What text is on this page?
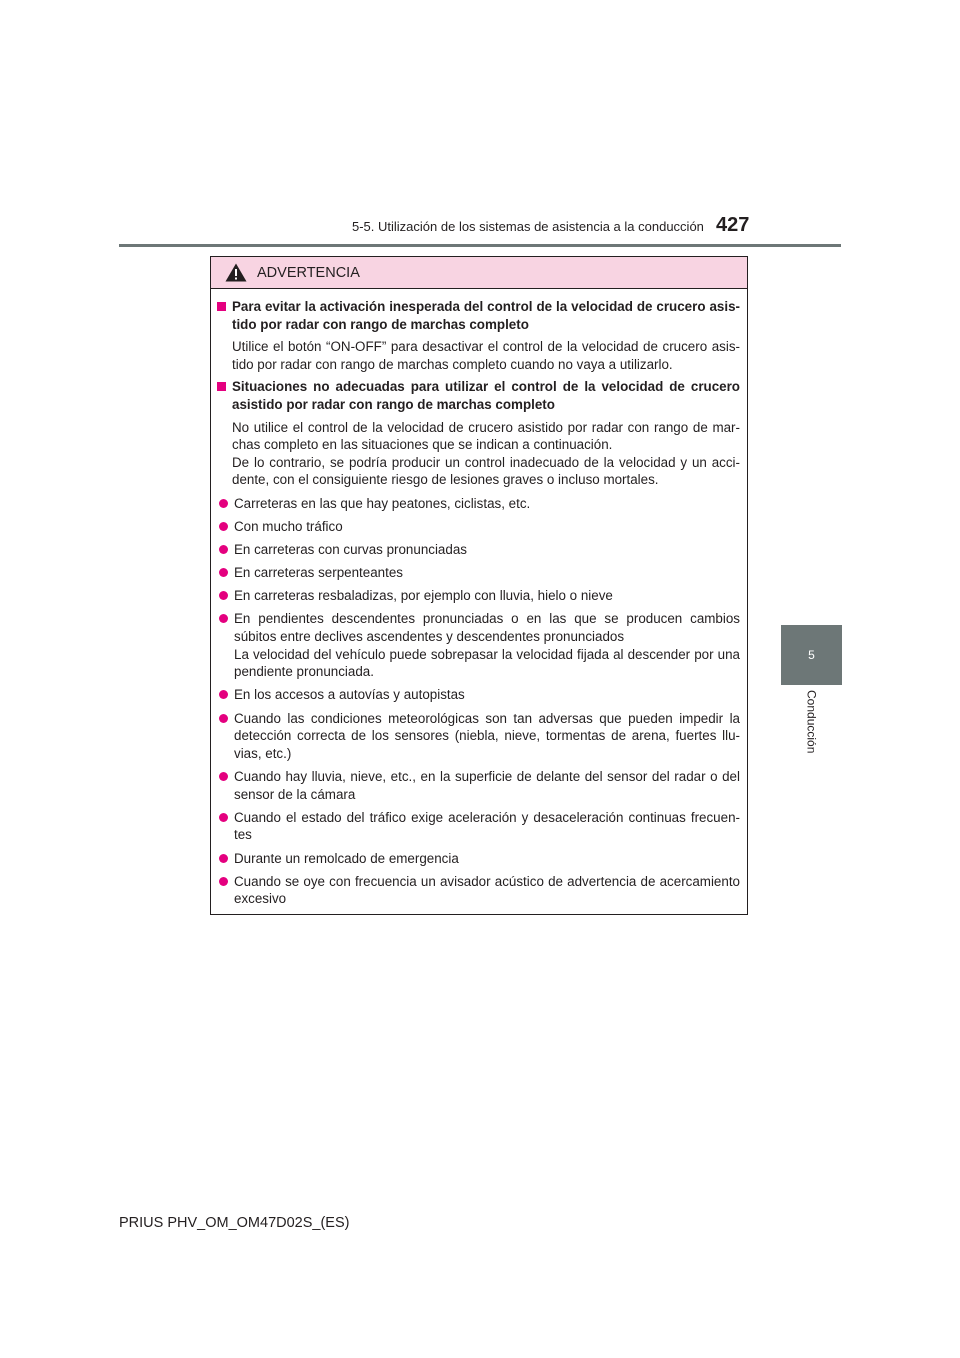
5-5. Utilización de los sistemas de asistencia a la conducción 427
5
Conducción
ADVERTENCIA
Para evitar la activación inesperada del control de la velocidad de crucero asistido por radar con rango de marchas completo
Utilice el botón “ON-OFF” para desactivar el control de la velocidad de crucero asistido por radar con rango de marchas completo cuando no vaya a utilizarlo.
Situaciones no adecuadas para utilizar el control de la velocidad de crucero asistido por radar con rango de marchas completo
No utilice el control de la velocidad de crucero asistido por radar con rango de marchas completo en las situaciones que se indican a continuación.
De lo contrario, se podría producir un control inadecuado de la velocidad y un accidente, con el consiguiente riesgo de lesiones graves o incluso mortales.
Carreteras en las que hay peatones, ciclistas, etc.
Con mucho tráfico
En carreteras con curvas pronunciadas
En carreteras serpenteantes
En carreteras resbaladizas, por ejemplo con lluvia, hielo o nieve
En pendientes descendentes pronunciadas o en las que se producen cambios súbitos entre declives ascendentes y descendentes pronunciados
La velocidad del vehículo puede sobrepasar la velocidad fijada al descender por una pendiente pronunciada.
En los accesos a autovías y autopistas
Cuando las condiciones meteorológicas son tan adversas que pueden impedir la detección correcta de los sensores (niebla, nieve, tormentas de arena, fuertes lluvias, etc.)
Cuando hay lluvia, nieve, etc., en la superficie de delante del sensor del radar o del sensor de la cámara
Cuando el estado del tráfico exige aceleración y desaceleración continuas frecuentes
Durante un remolcado de emergencia
Cuando se oye con frecuencia un avisador acústico de advertencia de acercamiento excesivo
PRIUS PHV_OM_OM47D02S_(ES)
